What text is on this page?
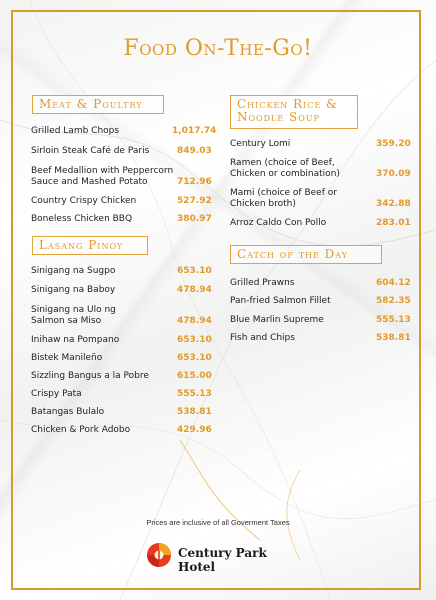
Food On-The-Go!
Meat & Poultry
Grilled Lamb Chops	1,017.74
Sirloin Steak Café de Paris	849.03
Beef Medallion with Peppercorn
Sauce and Mashed Potato	712.96
Country Crispy Chicken	527.92
Boneless Chicken BBQ	380.97
Lasang Pinoy
Sinigang na Sugpo	653.10
Sinigang na Baboy	478.94
Sinigang na Ulo ng
Salmon sa Miso	478.94
Inihaw na Pompano	653.10
Bistek Manileño	653.10
Sizzling Bangus a la Pobre	615.00
Crispy Pata	555.13
Batangas Bulalo	538.81
Chicken & Pork Adobo	429.96
Chicken Rice &
Noodle Soup
Century Lomi	359.20
Ramen (choice of Beef,
Chicken or combination)	370.09
Mami (choice of Beef or
Chicken broth)	342.88
Arroz Caldo Con Pollo	283.01
Catch of the Day
Grilled Prawns	604.12
Pan-fried Salmon Fillet	582.35
Blue Marlin Supreme	555.13
Fish and Chips	538.81
Prices are inclusive of all Goverment Taxes
Century Park Hotel
